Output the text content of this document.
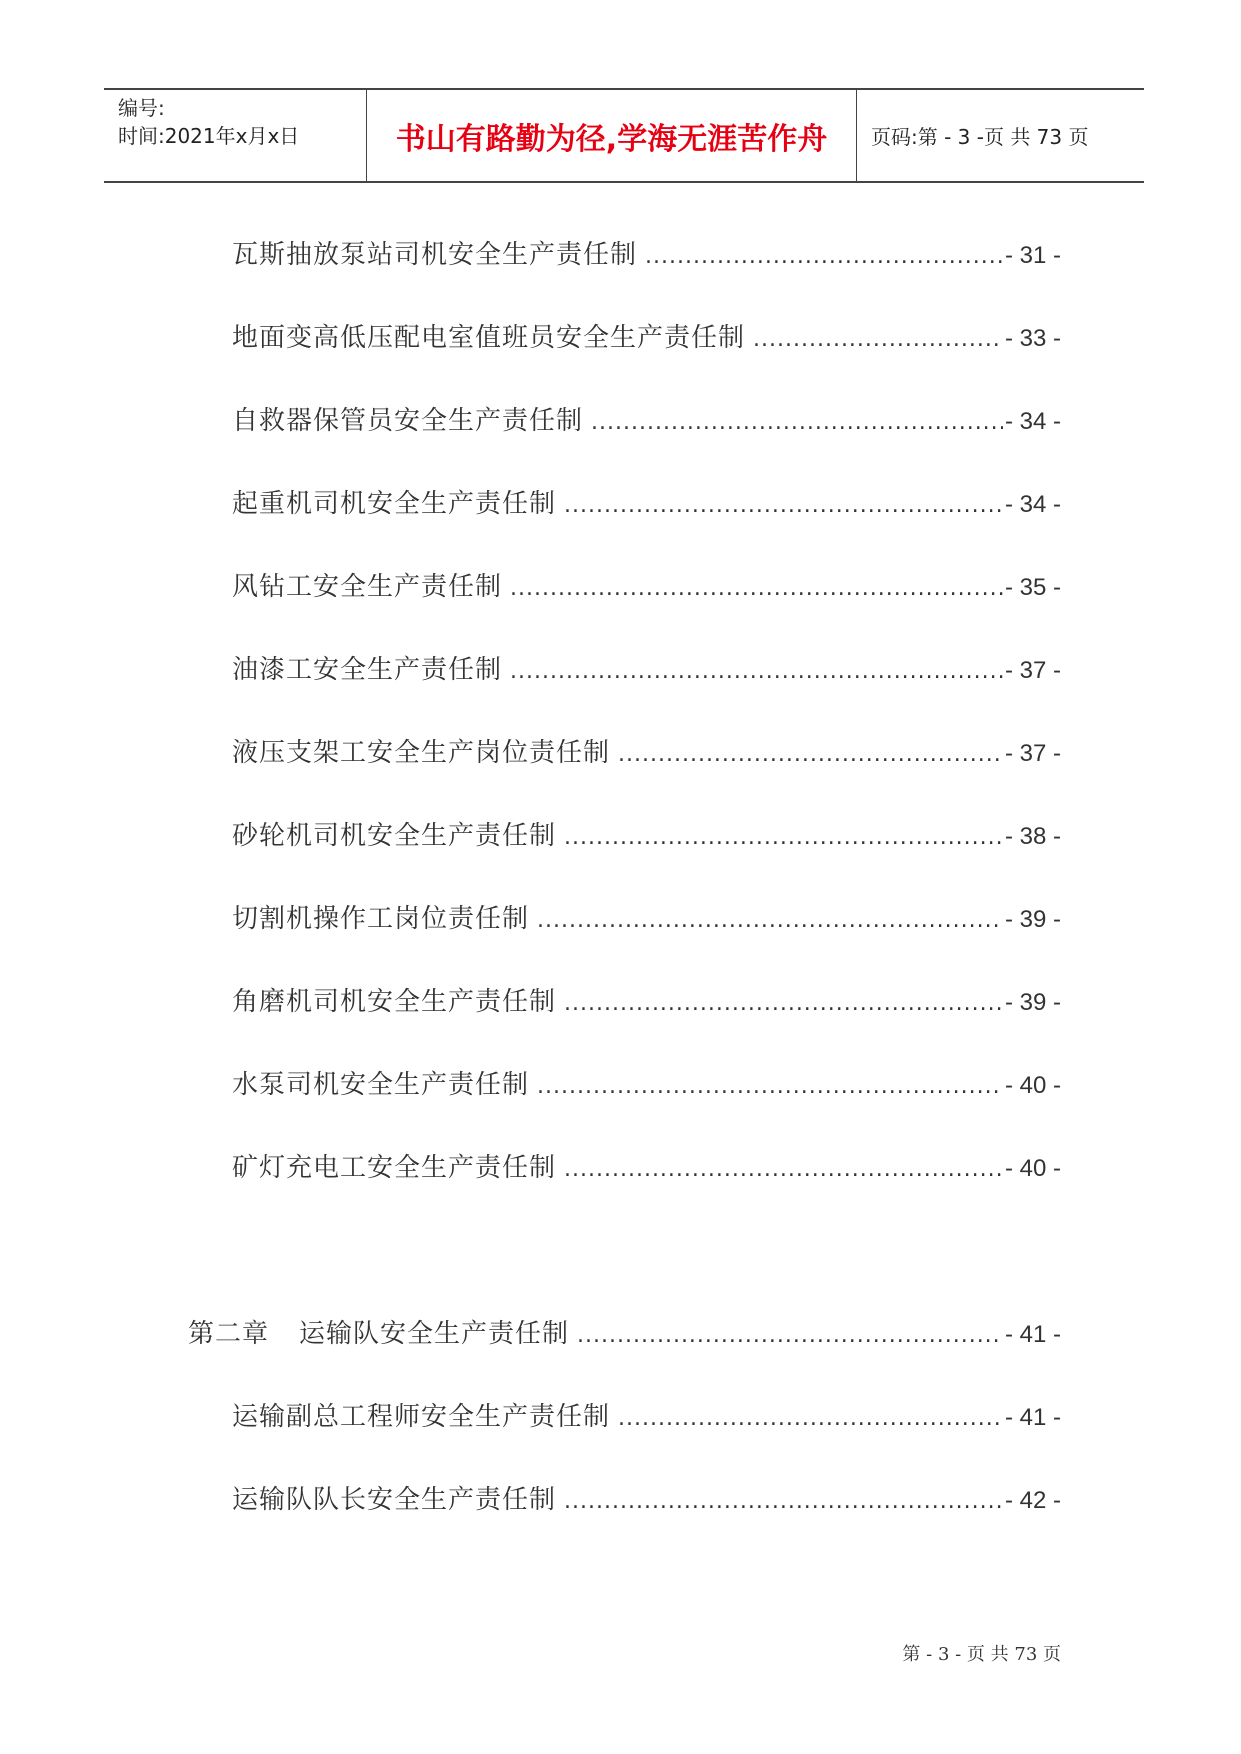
编号:
时间:2021年x月x日	书山有路勤为径,学海无涯苦作舟	页码:第 - 3 -页 共 73 页
瓦斯抽放泵站司机安全生产责任制 .....	- 31 -
地面变高低压配电室值班员安全生产责任制 .....	- 33 -
自救器保管员安全生产责任制 .....	- 34 -
起重机司机安全生产责任制 .....	- 34 -
风钻工安全生产责任制 .....	- 35 -
油漆工安全生产责任制 .....	- 37 -
液压支架工安全生产岗位责任制 .....	- 37 -
砂轮机司机安全生产责任制 .....	- 38 -
切割机操作工岗位责任制 .....	- 39 -
角磨机司机安全生产责任制 .....	- 39 -
水泵司机安全生产责任制 .....	- 40 -
矿灯充电工安全生产责任制 .....	- 40 -
第二章 运输队安全生产责任制 .....	- 41 -
运输副总工程师安全生产责任制 .....	- 41 -
运输队队长安全生产责任制 .....	- 42 -
第 - 3 - 页 共 73 页
